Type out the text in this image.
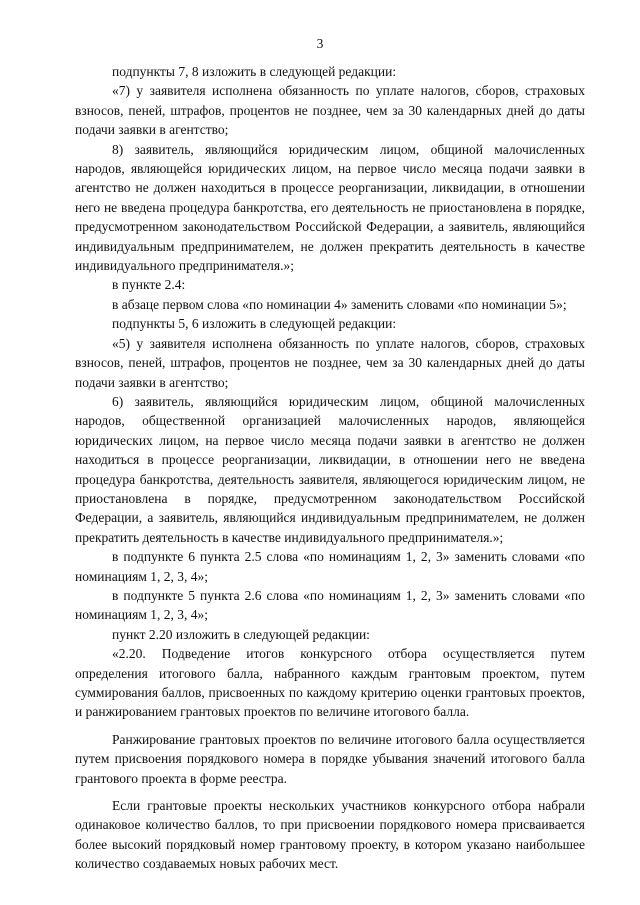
3

подпункты 7, 8 изложить в следующей редакции:

«7) у заявителя исполнена обязанность по уплате налогов, сборов, страховых взносов, пеней, штрафов, процентов не позднее, чем за 30 календарных дней до даты подачи заявки в агентство;

8) заявитель, являющийся юридическим лицом, общиной малочисленных народов, являющейся юридических лицом, на первое число месяца подачи заявки в агентство не должен находиться в процессе реорганизации, ликвидации, в отношении него не введена процедура банкротства, его деятельность не приостановлена в порядке, предусмотренном законодательством Российской Федерации, а заявитель, являющийся индивидуальным предпринимателем, не должен прекратить деятельность в качестве индивидуального предпринимателя.»;

в пункте 2.4:

в абзаце первом слова «по номинации 4» заменить словами «по номинации 5»;

подпункты 5, 6 изложить в следующей редакции:

«5) у заявителя исполнена обязанность по уплате налогов, сборов, страховых взносов, пеней, штрафов, процентов не позднее, чем за 30 календарных дней до даты подачи заявки в агентство;

6) заявитель, являющийся юридическим лицом, общиной малочисленных народов, общественной организацией малочисленных народов, являющейся юридических лицом, на первое число месяца подачи заявки в агентство не должен находиться в процессе реорганизации, ликвидации, в отношении него не введена процедура банкротства, деятельность заявителя, являющегося юридическим лицом, не приостановлена в порядке, предусмотренном законодательством Российской Федерации, а заявитель, являющийся индивидуальным предпринимателем, не должен прекратить деятельность в качестве индивидуального предпринимателя.»;

в подпункте 6 пункта 2.5 слова «по номинациям 1, 2, 3» заменить словами «по номинациям 1, 2, 3, 4»;

в подпункте 5 пункта 2.6 слова «по номинациям 1, 2, 3» заменить словами «по номинациям 1, 2, 3, 4»;

пункт 2.20 изложить в следующей редакции:

«2.20. Подведение итогов конкурсного отбора осуществляется путем определения итогового балла, набранного каждым грантовым проектом, путем суммирования баллов, присвоенных по каждому критерию оценки грантовых проектов, и ранжированием грантовых проектов по величине итогового балла.

Ранжирование грантовых проектов по величине итогового балла осуществляется путем присвоения порядкового номера в порядке убывания значений итогового балла грантового проекта в форме реестра.

Если грантовые проекты нескольких участников конкурсного отбора набрали одинаковое количество баллов, то при присвоении порядкового номера присваивается более высокий порядковый номер грантовому проекту, в котором указано наибольшее количество создаваемых новых рабочих мест.
